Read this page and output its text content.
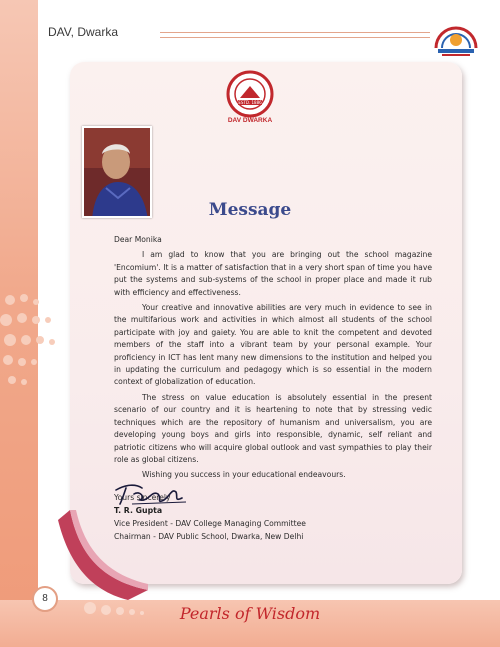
DAV, Dwarka
ESTD. 1886
DAV DWARKA
Message

Dear Monika

I am glad to know that you are bringing out the school magazine 'Encomium'. It is a matter of satisfaction that in a very short span of time you have put the systems and sub-systems of the school in proper place and made it rub with efficiency and effectiveness.

Your creative and innovative abilities are very much in evidence to see in the multifarious work and activities in which almost all students of the school participate with joy and gaiety. You are able to knit the competent and devoted members of the staff into a vibrant team by your personal example. Your proficiency in ICT has lent many new dimensions to the institution and helped you in updating the curriculum and pedagogy which is so essential in the modern context of globalization of education.

The stress on value education is absolutely essential in the present scenario of our country and it is heartening to note that by stressing vedic techniques which are the repository of humanism and universalism, you are developing young boys and girls into responsible, dynamic, self reliant and patriotic citizens who will acquire global outlook and vast sympathies to play their role as global citizens.

Wishing you success in your educational endeavours.

Yours sincerely

T. R. Gupta
Vice President - DAV College Managing Committee
Chairman - DAV Public School, Dwarka, New Delhi
8
Pearls of Wisdom
